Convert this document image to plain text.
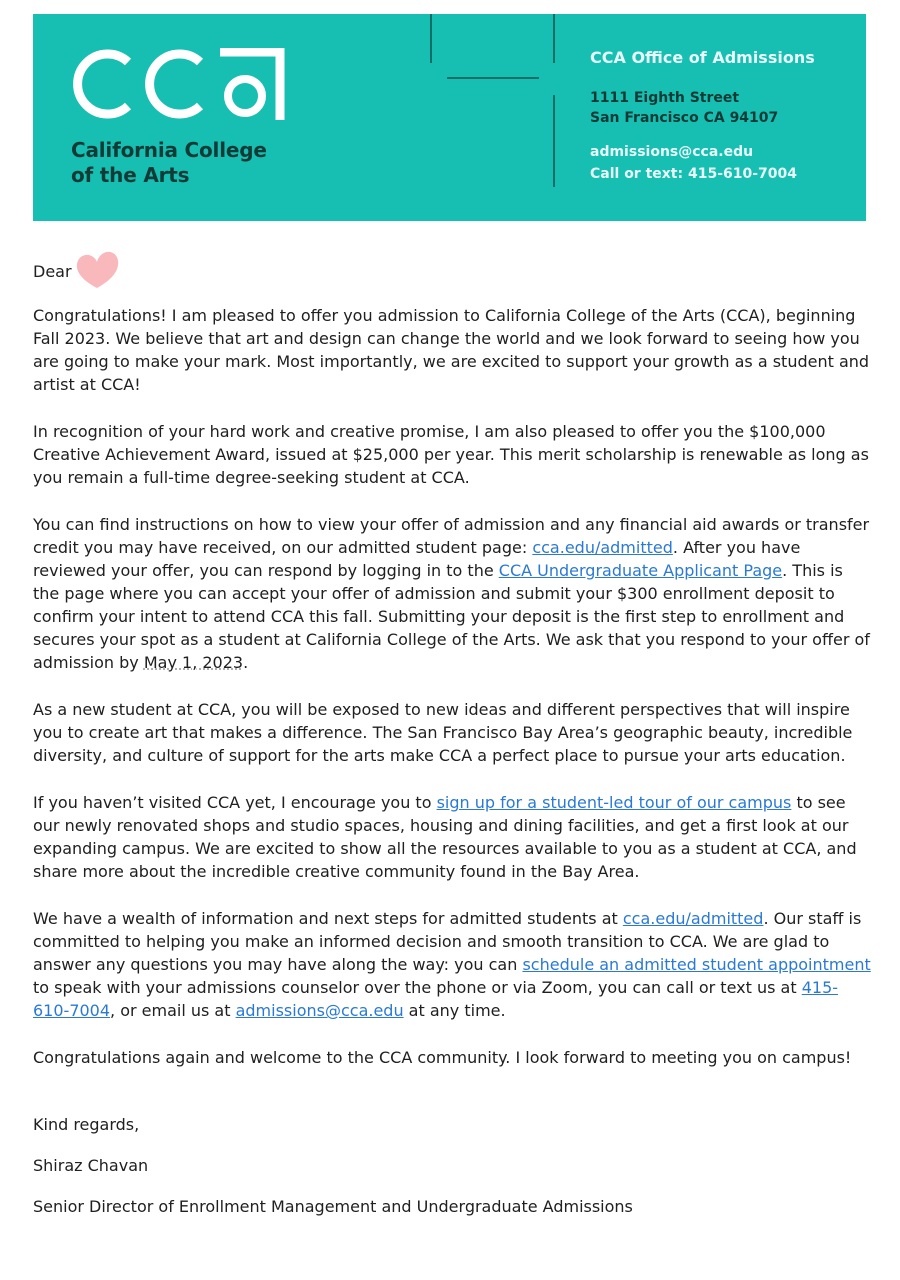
California College
of the Arts
CCA Office of Admissions
1111 Eighth Street
San Francisco CA 94107
admissions@cca.edu
Call or text: 415-610-7004

Dear

Congratulations! I am pleased to offer you admission to California College of the Arts (CCA), beginning Fall 2023. We believe that art and design can change the world and we look forward to seeing how you are going to make your mark. Most importantly, we are excited to support your growth as a student and artist at CCA!

In recognition of your hard work and creative promise, I am also pleased to offer you the $100,000 Creative Achievement Award, issued at $25,000 per year. This merit scholarship is renewable as long as you remain a full-time degree-seeking student at CCA.

You can find instructions on how to view your offer of admission and any financial aid awards or transfer credit you may have received, on our admitted student page: cca.edu/admitted. After you have reviewed your offer, you can respond by logging in to the CCA Undergraduate Applicant Page. This is the page where you can accept your offer of admission and submit your $300 enrollment deposit to confirm your intent to attend CCA this fall. Submitting your deposit is the first step to enrollment and secures your spot as a student at California College of the Arts. We ask that you respond to your offer of admission by May 1, 2023.

As a new student at CCA, you will be exposed to new ideas and different perspectives that will inspire you to create art that makes a difference. The San Francisco Bay Area’s geographic beauty, incredible diversity, and culture of support for the arts make CCA a perfect place to pursue your arts education.

If you haven’t visited CCA yet, I encourage you to sign up for a student-led tour of our campus to see our newly renovated shops and studio spaces, housing and dining facilities, and get a first look at our expanding campus. We are excited to show all the resources available to you as a student at CCA, and share more about the incredible creative community found in the Bay Area.

We have a wealth of information and next steps for admitted students at cca.edu/admitted. Our staff is committed to helping you make an informed decision and smooth transition to CCA. We are glad to answer any questions you may have along the way: you can schedule an admitted student appointment to speak with your admissions counselor over the phone or via Zoom, you can call or text us at 415-610-7004, or email us at admissions@cca.edu at any time.

Congratulations again and welcome to the CCA community. I look forward to meeting you on campus!

Kind regards,

Shiraz Chavan

Senior Director of Enrollment Management and Undergraduate Admissions
